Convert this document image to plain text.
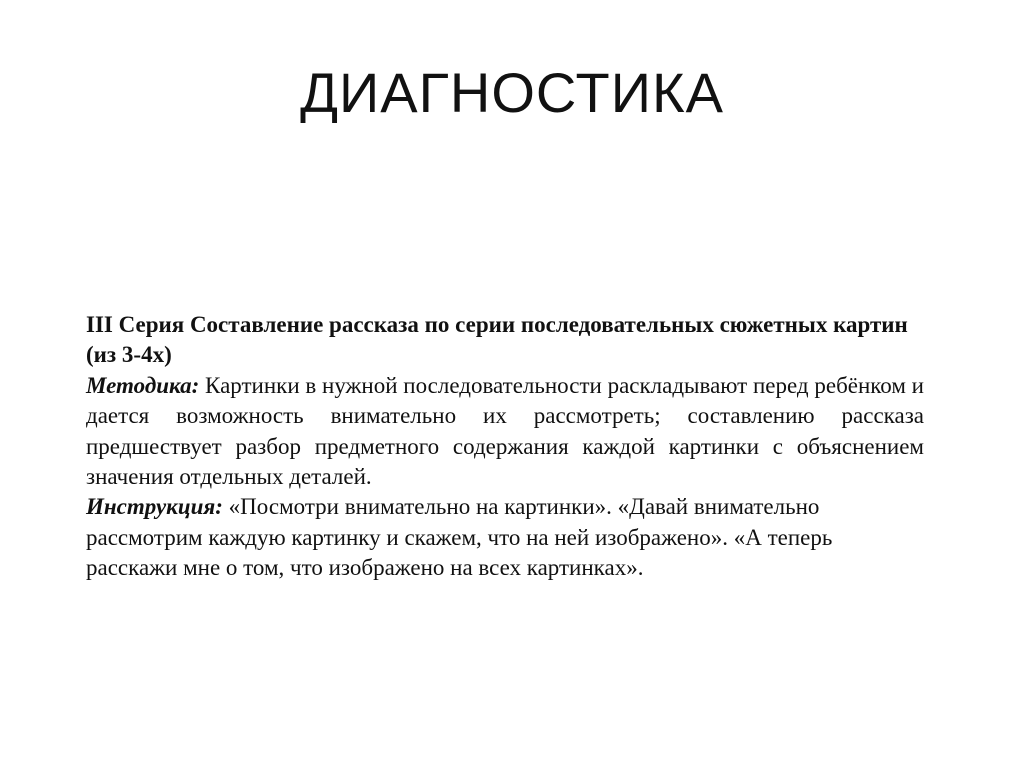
ДИАГНОСТИКА

III Серия Составление рассказа по серии последовательных сюжетных картин (из 3-4х)

Методика: Картинки в нужной последовательности раскладывают перед ребёнком и дается возможность внимательно их рассмотреть; составлению рассказа предшествует разбор предметного содержания каждой картинки с объяснением значения отдельных деталей.

Инструкция: «Посмотри внимательно на картинки». «Давай внимательно рассмотрим каждую картинку и скажем, что на ней изображено». «А теперь расскажи мне о том, что изображено на всех картинках».
